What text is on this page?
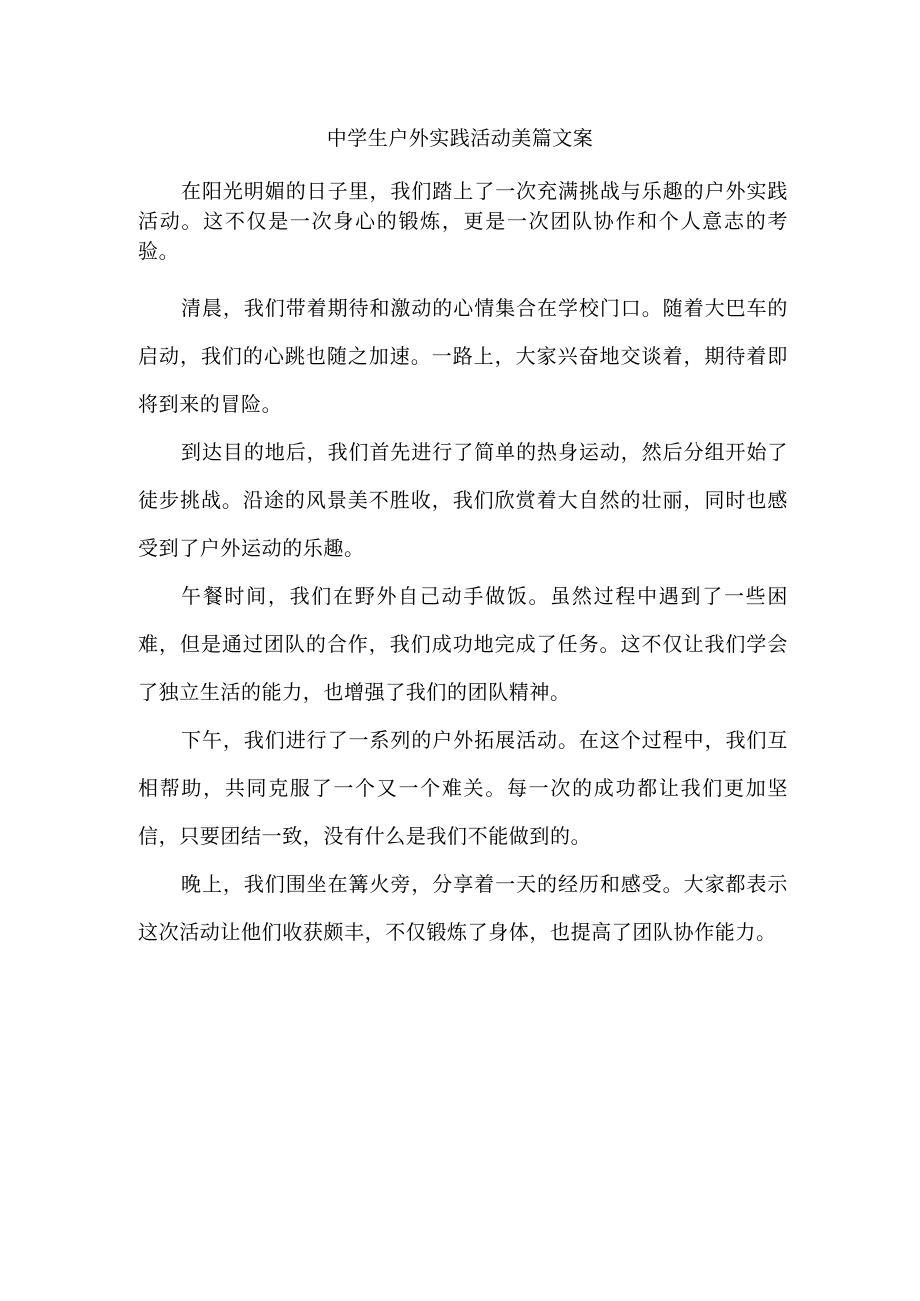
中学生户外实践活动美篇文案

在阳光明媚的日子里，我们踏上了一次充满挑战与乐趣的户外实践活动。这不仅是一次身心的锻炼，更是一次团队协作和个人意志的考验。

清晨，我们带着期待和激动的心情集合在学校门口。随着大巴车的启动，我们的心跳也随之加速。一路上，大家兴奋地交谈着，期待着即将到来的冒险。

到达目的地后，我们首先进行了简单的热身运动，然后分组开始了徒步挑战。沿途的风景美不胜收，我们欣赏着大自然的壮丽，同时也感受到了户外运动的乐趣。

午餐时间，我们在野外自己动手做饭。虽然过程中遇到了一些困难，但是通过团队的合作，我们成功地完成了任务。这不仅让我们学会了独立生活的能力，也增强了我们的团队精神。

下午，我们进行了一系列的户外拓展活动。在这个过程中，我们互相帮助，共同克服了一个又一个难关。每一次的成功都让我们更加坚信，只要团结一致，没有什么是我们不能做到的。

晚上，我们围坐在篝火旁，分享着一天的经历和感受。大家都表示这次活动让他们收获颇丰，不仅锻炼了身体，也提高了团队协作能力。
